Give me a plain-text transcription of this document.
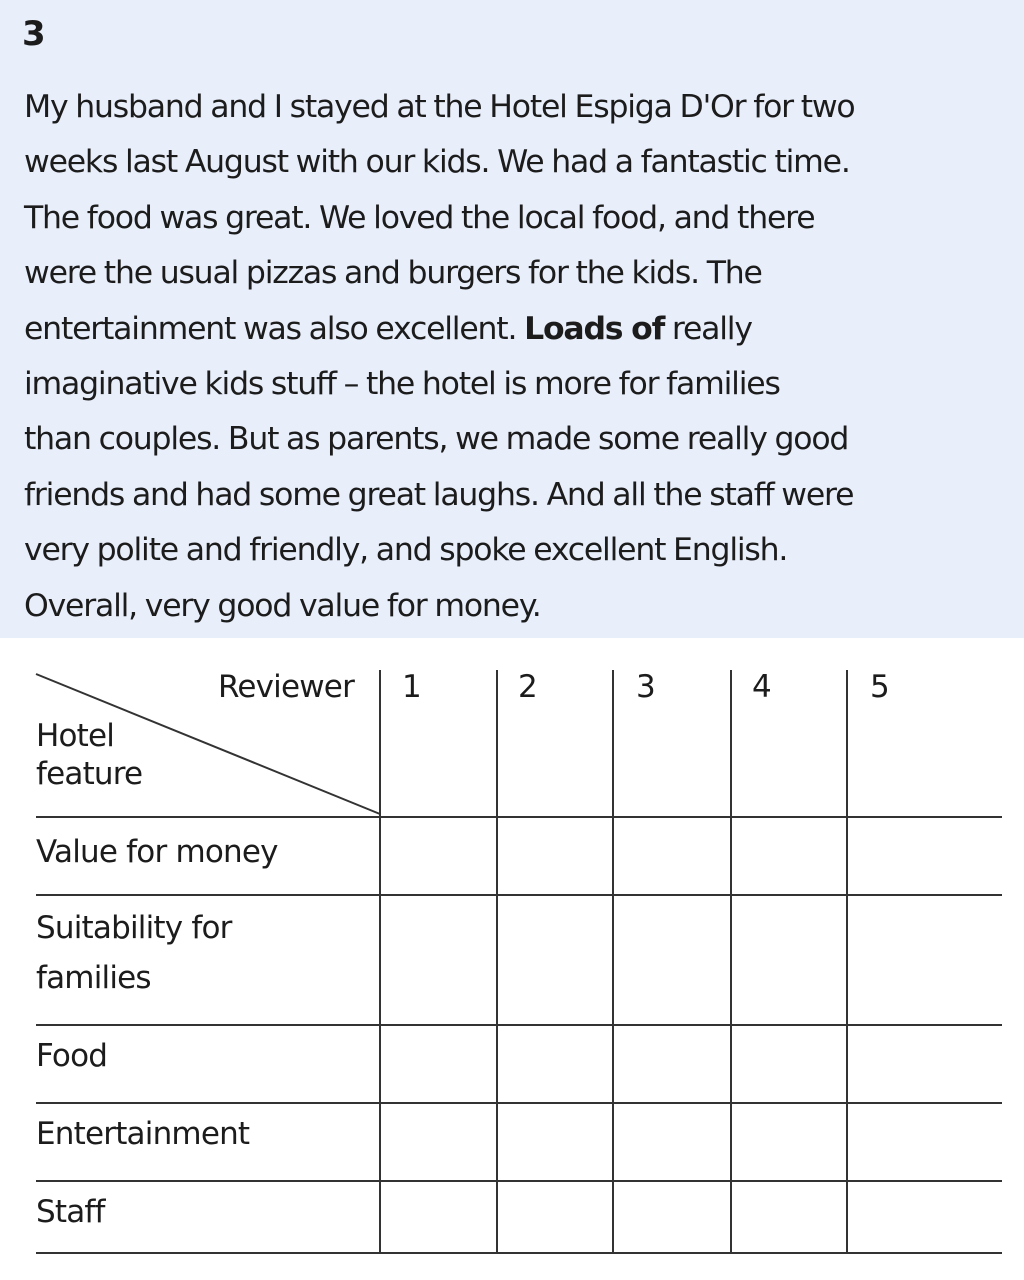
3

My husband and I stayed at the Hotel Espiga D'Or for two
weeks last August with our kids. We had a fantastic time.
The food was great. We loved the local food, and there
were the usual pizzas and burgers for the kids. The
entertainment was also excellent. Loads of really
imaginative kids stuff – the hotel is more for families
than couples. But as parents, we made some really good
friends and had some great laughs. And all the staff were
very polite and friendly, and spoke excellent English.
Overall, very good value for money.

Reviewer
Hotel
feature
1	2	3	4	5
Value for money
Suitability for
families
Food
Entertainment
Staff
